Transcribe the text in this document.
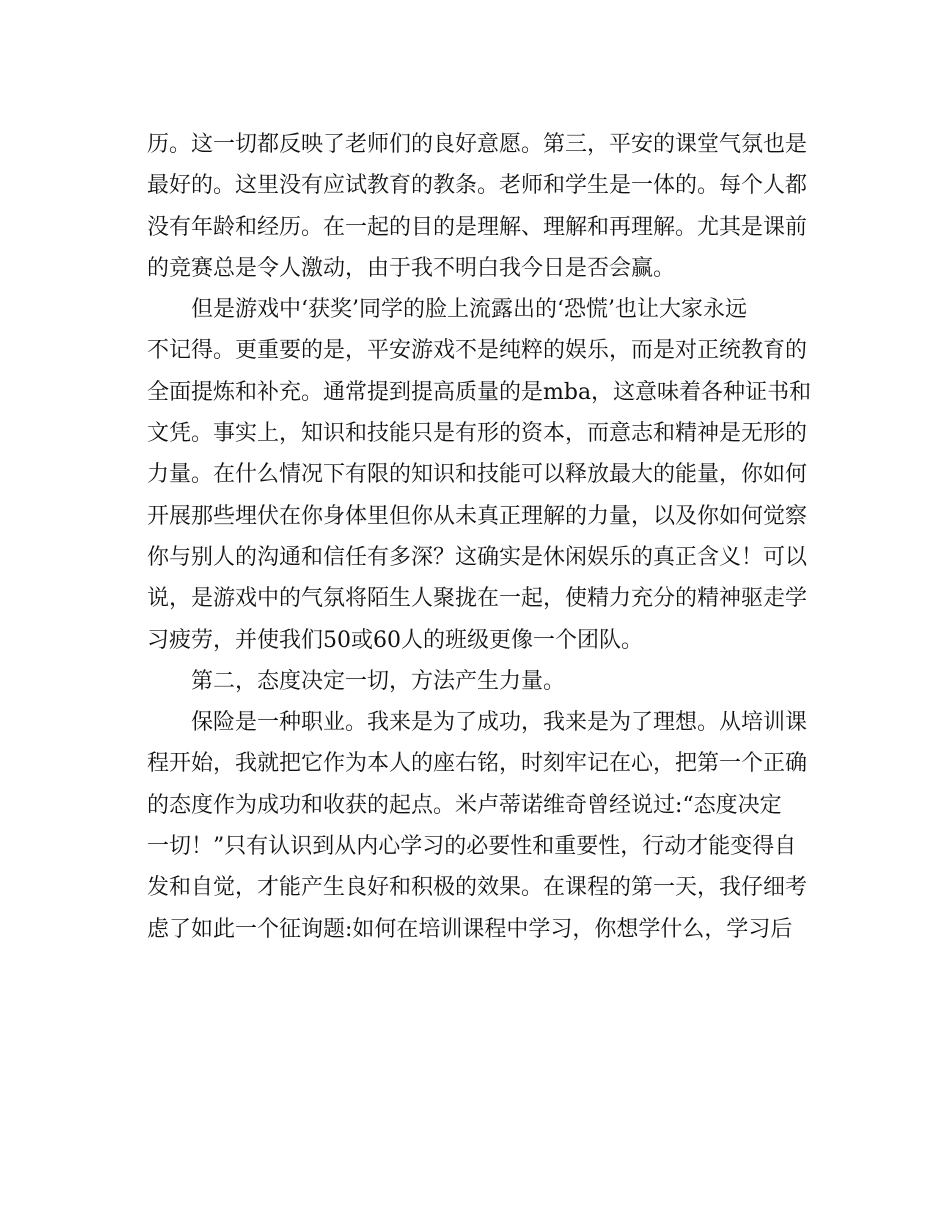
历。这一切都反映了老师们的良好意愿。第三，平安的课堂气氛也是
最好的。这里没有应试教育的教条。老师和学生是一体的。每个人都
没有年龄和经历。在一起的目的是理解、理解和再理解。尤其是课前
的竞赛总是令人激动，由于我不明白我今日是否会赢。
但是游戏中‘获奖’同学的脸上流露出的‘恐慌’也让大家永远
不记得。更重要的是，平安游戏不是纯粹的娱乐，而是对正统教育的
全面提炼和补充。通常提到提高质量的是mba，这意味着各种证书和
文凭。事实上，知识和技能只是有形的资本，而意志和精神是无形的
力量。在什么情况下有限的知识和技能可以释放最大的能量，你如何
开展那些埋伏在你身体里但你从未真正理解的力量，以及你如何觉察
你与别人的沟通和信任有多深？这确实是休闲娱乐的真正含义！可以
说，是游戏中的气氛将陌生人聚拢在一起，使精力充分的精神驱走学
习疲劳，并使我们50或60人的班级更像一个团队。
第二，态度决定一切，方法产生力量。
保险是一种职业。我来是为了成功，我来是为了理想。从培训课
程开始，我就把它作为本人的座右铭，时刻牢记在心，把第一个正确
的态度作为成功和收获的起点。米卢蒂诺维奇曾经说过:“态度决定
一切！”只有认识到从内心学习的必要性和重要性，行动才能变得自
发和自觉，才能产生良好和积极的效果。在课程的第一天，我仔细考
虑了如此一个征询题:如何在培训课程中学习，你想学什么，学习后
